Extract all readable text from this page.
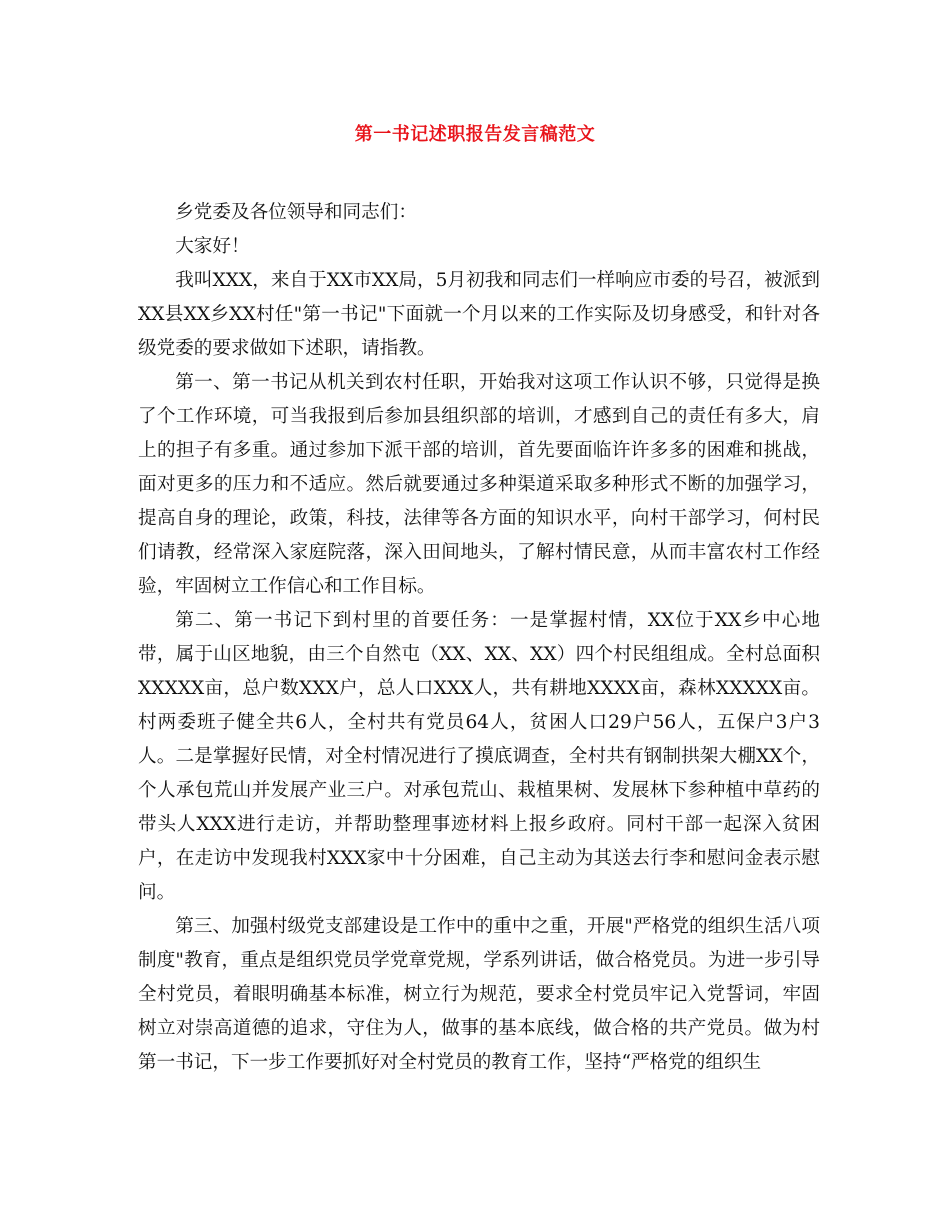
第一书记述职报告发言稿范文

乡党委及各位领导和同志们：

大家好！

我叫XXX，来自于XX市XX局，5月初我和同志们一样响应市委的号召，被派到XX县XX乡XX村任"第一书记"下面就一个月以来的工作实际及切身感受，和针对各级党委的要求做如下述职，请指教。

第一、第一书记从机关到农村任职，开始我对这项工作认识不够，只觉得是换了个工作环境，可当我报到后参加县组织部的培训，才感到自己的责任有多大，肩上的担子有多重。通过参加下派干部的培训，首先要面临许许多多的困难和挑战，面对更多的压力和不适应。然后就要通过多种渠道采取多种形式不断的加强学习，提高自身的理论，政策，科技，法律等各方面的知识水平，向村干部学习，何村民们请教，经常深入家庭院落，深入田间地头，了解村情民意，从而丰富农村工作经验，牢固树立工作信心和工作目标。

第二、第一书记下到村里的首要任务：一是掌握村情，XX位于XX乡中心地带，属于山区地貌，由三个自然屯（XX、XX、XX）四个村民组组成。全村总面积XXXXX亩，总户数XXX户，总人口XXX人，共有耕地XXXX亩，森林XXXXX亩。村两委班子健全共6人，全村共有党员64人，贫困人口29户56人，五保户3户3人。二是掌握好民情，对全村情况进行了摸底调查，全村共有钢制拱架大棚XX个，个人承包荒山并发展产业三户。对承包荒山、栽植果树、发展林下参种植中草药的带头人XXX进行走访，并帮助整理事迹材料上报乡政府。同村干部一起深入贫困户，在走访中发现我村XXX家中十分困难，自己主动为其送去行李和慰问金表示慰问。

第三、加强村级党支部建设是工作中的重中之重，开展"严格党的组织生活八项制度"教育，重点是组织党员学党章党规，学系列讲话，做合格党员。为进一步引导全村党员，着眼明确基本标准，树立行为规范，要求全村党员牢记入党誓词，牢固树立对崇高道德的追求，守住为人，做事的基本底线，做合格的共产党员。做为村第一书记，下一步工作要抓好对全村党员的教育工作，坚持“严格党的组织生
